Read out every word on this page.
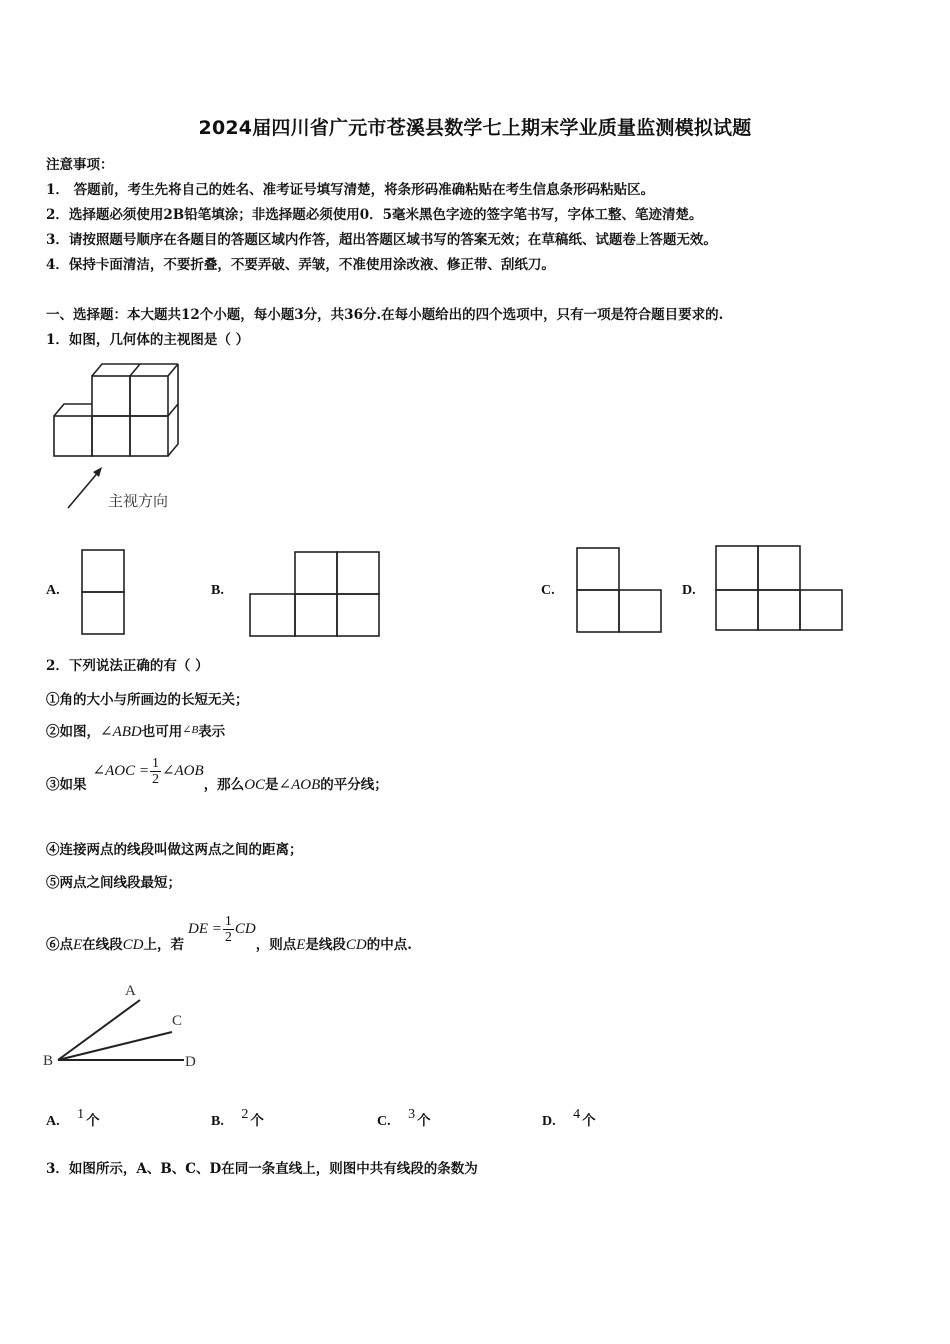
2024届四川省广元市苍溪县数学七上期末学业质量监测模拟试题
注意事项：
1． 答题前，考生先将自己的姓名、准考证号填写清楚，将条形码准确粘贴在考生信息条形码粘贴区。
2．选择题必须使用2B铅笔填涂；非选择题必须使用0．5毫米黑色字迹的签字笔书写，字体工整、笔迹清楚。
3．请按照题号顺序在各题目的答题区域内作答，超出答题区域书写的答案无效；在草稿纸、试题卷上答题无效。
4．保持卡面清洁，不要折叠，不要弄破、弄皱，不准使用涂改液、修正带、刮纸刀。
一、选择题：本大题共12个小题，每小题3分，共36分.在每小题给出的四个选项中，只有一项是符合题目要求的.
1．如图，几何体的主视图是（ ）
主视方向
A.	B.	C.	D.
2．下列说法正确的有（ ）
①角的大小与所画边的长短无关；
②如图，∠ABD也可用$^{\angle B}$表示
③如果∠AOC = $\frac{1}{2}$ ∠AOB，那么OC是∠AOB的平分线；
④连接两点的线段叫做这两点之间的距离；
⑤两点之间线段最短；
⑥点E在线段CD上，若DE = $\frac{1}{2}$ CD，则点E是线段CD的中点.
A
B
C
D
A. 1 个	B. 2 个	C. 3 个	D. 4 个
3．如图所示，A、B、C、D在同一条直线上，则图中共有线段的条数为
